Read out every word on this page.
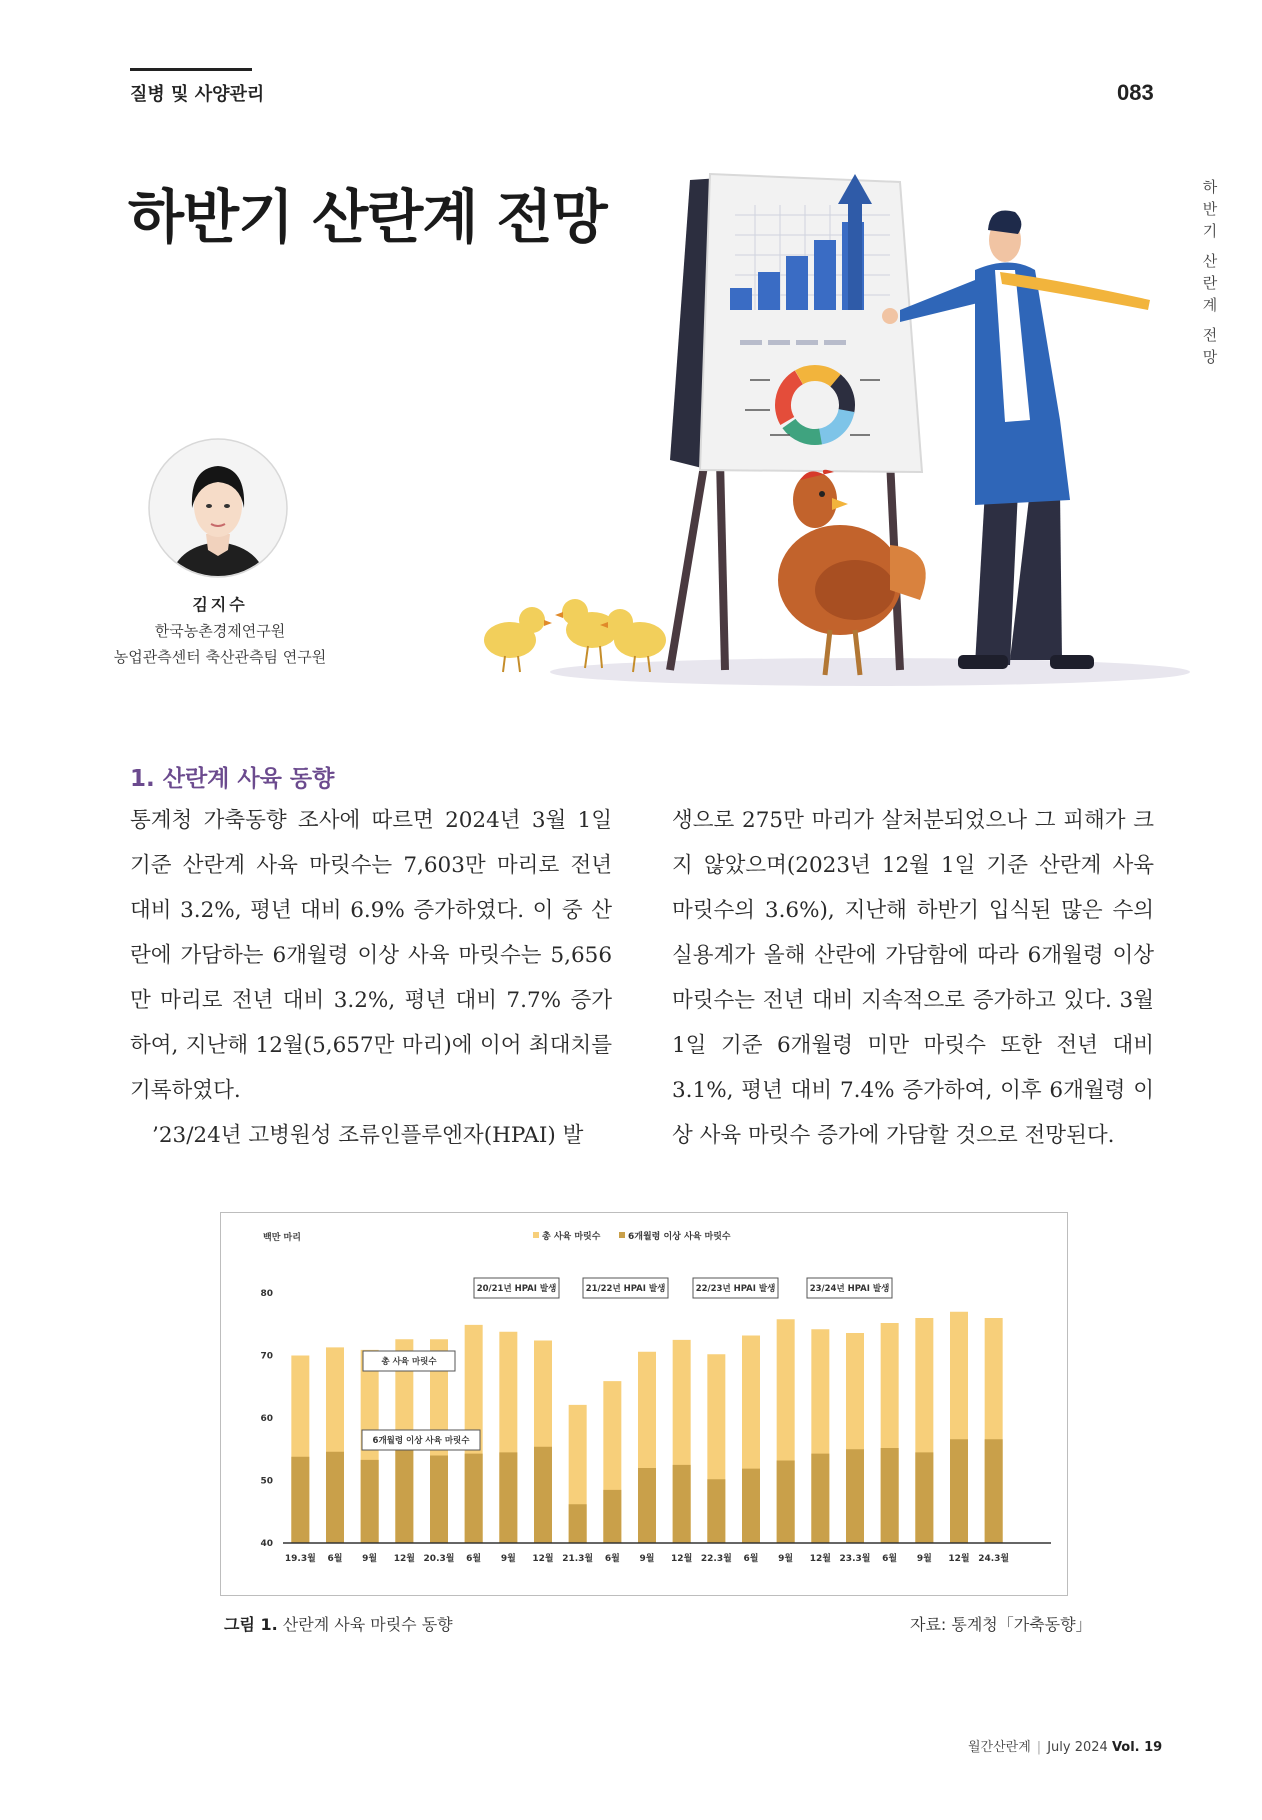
질병 및 사양관리	083
하반기 산란계 전망	하
반
기
산
란
계
전
망
김지수
한국농촌경제연구원
농업관측센터 축산관측팀 연구원
1. 산란계 사육 동향

통계청 가축동향 조사에 따르면 2024년 3월 1일 기준 산란계 사육 마릿수는 7,603만 마리로 전년 대비 3.2%, 평년 대비 6.9% 증가하였다. 이 중 산란에 가담하는 6개월령 이상 사육 마릿수는 5,656만 마리로 전년 대비 3.2%, 평년 대비 7.7% 증가하여, 지난해 12월(5,657만 마리)에 이어 최대치를 기록하였다.

’23/24년 고병원성 조류인플루엔자(HPAI) 발

생으로 275만 마리가 살처분되었으나 그 피해가 크지 않았으며(2023년 12월 1일 기준 산란계 사육 마릿수의 3.6%), 지난해 하반기 입식된 많은 수의 실용계가 올해 산란에 가담함에 따라 6개월령 이상 마릿수는 전년 대비 지속적으로 증가하고 있다. 3월 1일 기준 6개월령 미만 마릿수 또한 전년 대비 3.1%, 평년 대비 7.4% 증가하여, 이후 6개월령 이상 사육 마릿수 증가에 가담할 것으로 전망된다.

백만 마리	총 사육 마릿수	6개월령 이상 사육 마릿수
40
50
60
70
80
19.3월 6월 9월 12월 20.3월 6월 9월 12월 21.3월 6월 9월 12월 22.3월 6월 9월 12월 23.3월 6월 9월 12월 24.3월
20/21년 HPAI 발생	21/22년 HPAI 발생	22/23년 HPAI 발생	23/24년 HPAI 발생
총 사육 마릿수
6개월령 이상 사육 마릿수
그림 1. 산란계 사육 마릿수 동향	자료: 통계청「가축동향」
월간산란계 | July 2024 Vol. 19
